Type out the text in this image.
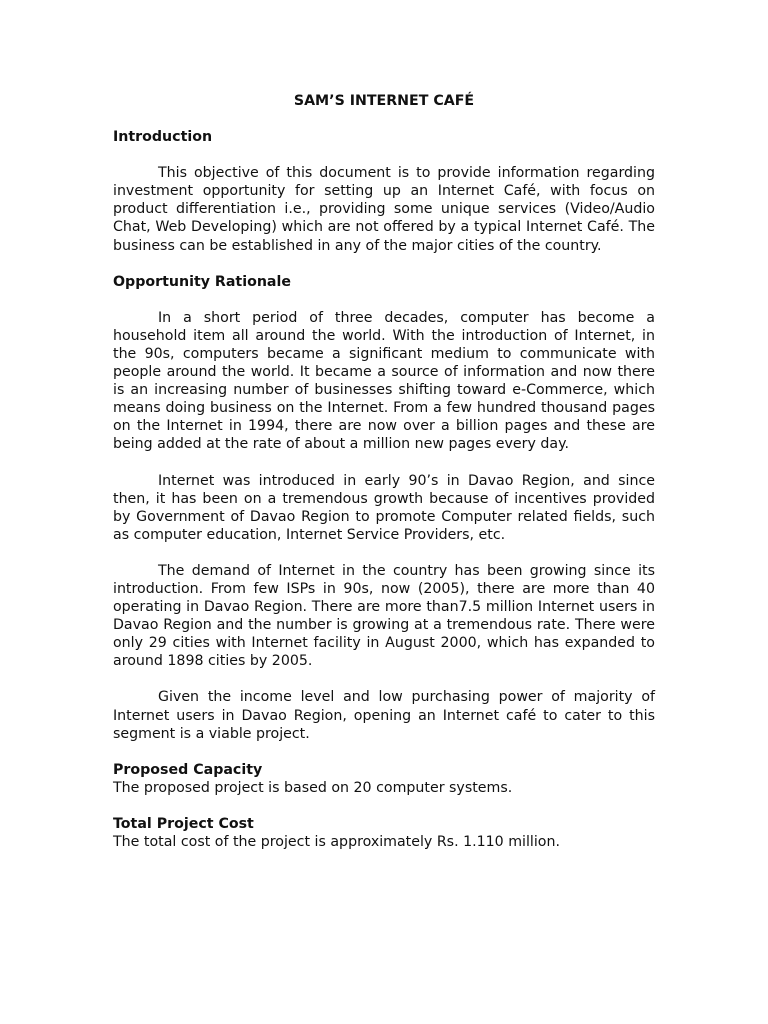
SAM’S INTERNET CAFÉ
Introduction

This objective of this document is to provide information regarding investment opportunity for setting up an Internet Café, with focus on product differentiation i.e., providing some unique services (Video/Audio Chat, Web Developing) which are not offered by a typical Internet Café. The business can be established in any of the major cities of the country.

Opportunity Rationale

In a short period of three decades, computer has become a household item all around the world. With the introduction of Internet, in the 90s, computers became a significant medium to communicate with people around the world. It became a source of information and now there is an increasing number of businesses shifting toward e-Commerce, which means doing business on the Internet. From a few hundred thousand pages on the Internet in 1994, there are now over a billion pages and these are being added at the rate of about a million new pages every day.

Internet was introduced in early 90’s in Davao Region, and since then, it has been on a tremendous growth because of incentives provided by Government of Davao Region to promote Computer related fields, such as computer education, Internet Service Providers, etc.

The demand of Internet in the country has been growing since its introduction. From few ISPs in 90s, now (2005), there are more than 40 operating in Davao Region. There are more than7.5 million Internet users in Davao Region and the number is growing at a tremendous rate. There were only 29 cities with Internet facility in August 2000, which has expanded to around 1898 cities by 2005.

Given the income level and low purchasing power of majority of Internet users in Davao Region, opening an Internet café to cater to this segment is a viable project.

Proposed Capacity

The proposed project is based on 20 computer systems.

Total Project Cost

The total cost of the project is approximately Rs. 1.110 million.
